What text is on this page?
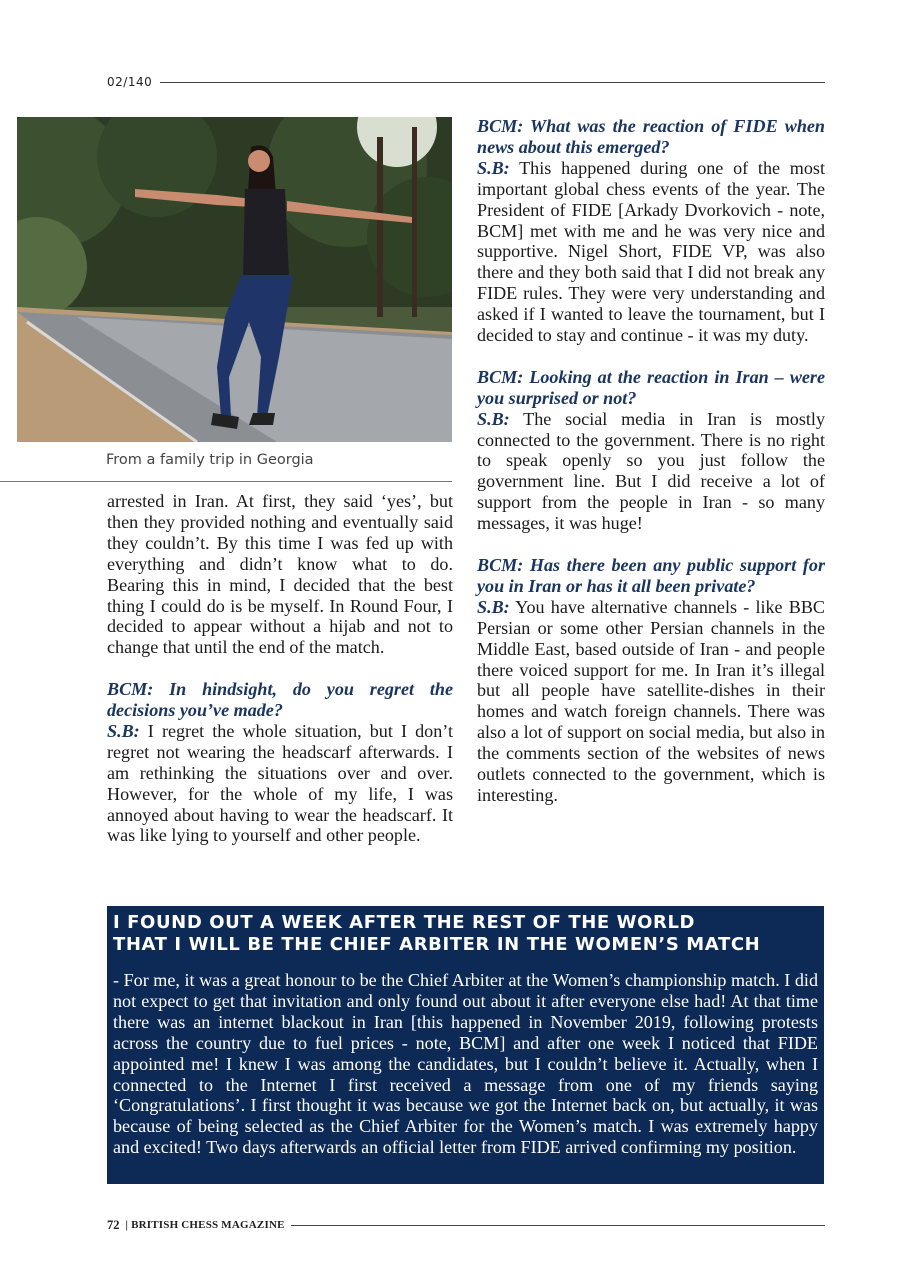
02/140
From a family trip in Georgia

arrested in Iran. At first, they said ‘yes’, but then they provided nothing and eventually said they couldn’t. By this time I was fed up with everything and didn’t know what to do. Bearing this in mind, I decided that the best thing I could do is be myself. In Round Four, I decided to appear without a hijab and not to change that until the end of the match.

BCM: In hindsight, do you regret the decisions you’ve made?

S.B: I regret the whole situation, but I don’t regret not wearing the headscarf afterwards. I am rethinking the situations over and over. However, for the whole of my life, I was annoyed about having to wear the headscarf. It was like lying to yourself and other people.

BCM: What was the reaction of FIDE when news about this emerged?

S.B: This happened during one of the most important global chess events of the year. The President of FIDE [Arkady Dvorkovich - note, BCM] met with me and he was very nice and supportive. Nigel Short, FIDE VP, was also there and they both said that I did not break any FIDE rules. They were very understanding and asked if I wanted to leave the tournament, but I decided to stay and continue - it was my duty.

BCM: Looking at the reaction in Iran – were you surprised or not?

S.B: The social media in Iran is mostly connected to the government. There is no right to speak openly so you just follow the government line. But I did receive a lot of support from the people in Iran - so many messages, it was huge!

BCM: Has there been any public support for you in Iran or has it all been private?

S.B: You have alternative channels - like BBC Persian or some other Persian channels in the Middle East, based outside of Iran - and people there voiced support for me. In Iran it’s illegal but all people have satellite-dishes in their homes and watch foreign channels. There was also a lot of support on social media, but also in the comments section of the websites of news outlets connected to the government, which is interesting.

I FOUND OUT A WEEK AFTER THE REST OF THE WORLD
THAT I WILL BE THE CHIEF ARBITER IN THE WOMEN’S MATCH

- For me, it was a great honour to be the Chief Arbiter at the Women’s championship match. I did not expect to get that invitation and only found out about it after everyone else had! At that time there was an internet blackout in Iran [this happened in November 2019, following protests across the country due to fuel prices - note, BCM] and after one week I noticed that FIDE appointed me! I knew I was among the candidates, but I couldn’t believe it. Actually, when I connected to the Internet I first received a message from one of my friends saying ‘Congratulations’. I first thought it was because we got the Internet back on, but actually, it was because of being selected as the Chief Arbiter for the Women’s match. I was extremely happy and excited! Two days afterwards an official letter from FIDE arrived confirming my position.

72 | BRITISH CHESS MAGAZINE
